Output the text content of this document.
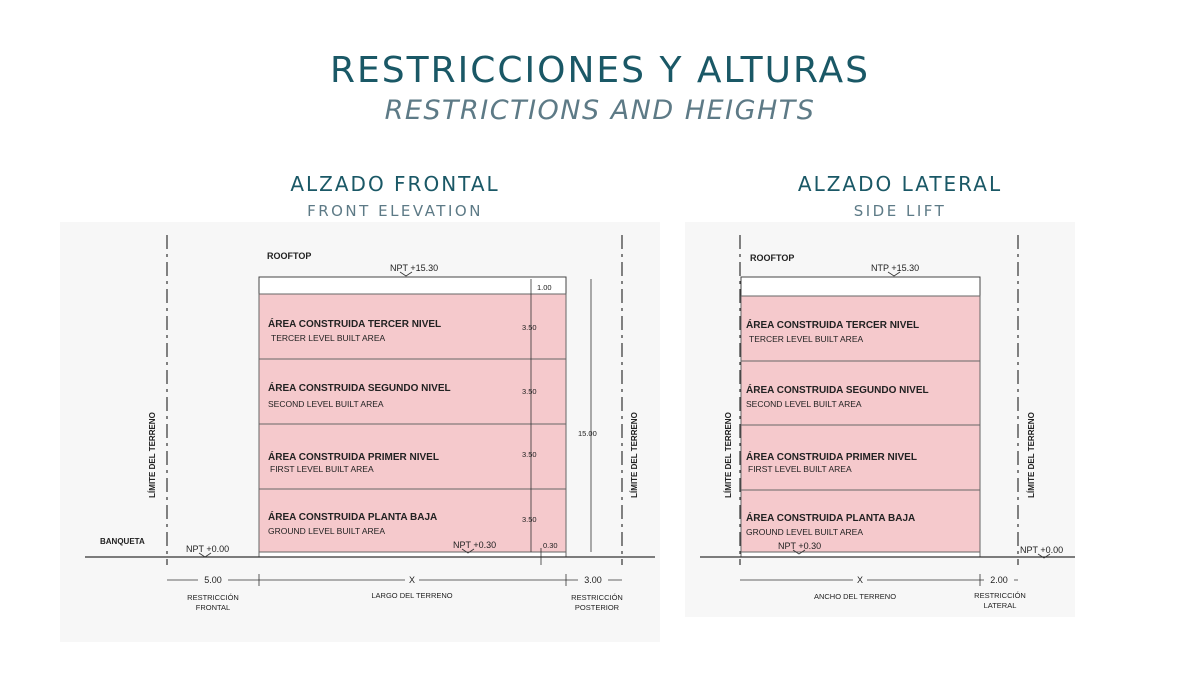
RESTRICCIONES Y ALTURAS
RESTRICTIONS AND HEIGHTS
ALZADO FRONTAL
FRONT ELEVATION
ALZADO LATERAL
SIDE LIFT
LÍMITE DEL TERRENO	LÍMITE DEL TERRENO
ROOFTOP
NPT +15.30
ÁREA CONSTRUIDA TERCER NIVEL
TERCER LEVEL BUILT AREA
ÁREA CONSTRUIDA SEGUNDO NIVEL
SECOND LEVEL BUILT AREA
ÁREA CONSTRUIDA PRIMER NIVEL
FIRST LEVEL BUILT AREA
ÁREA CONSTRUIDA PLANTA BAJA
GROUND LEVEL BUILT AREA
1.00
3.50
3.50
3.50
3.50
15.00
NPT +0.30	0.30
NPT +0.00
BANQUETA
5.00	X	3.00
RESTRICCIÓN
FRONTAL
LARGO DEL TERRENO	RESTRICCIÓN
POSTERIOR
LÍMITE DEL TERRENO	LÍMITE DEL TERRENO
ROOFTOP
NTP +15.30
ÁREA CONSTRUIDA TERCER NIVEL
TERCER LEVEL BUILT AREA
ÁREA CONSTRUIDA SEGUNDO NIVEL
SECOND LEVEL BUILT AREA
ÁREA CONSTRUIDA PRIMER NIVEL
FIRST LEVEL BUILT AREA
ÁREA CONSTRUIDA PLANTA BAJA
GROUND LEVEL BUILT AREA
NPT +0.30	NPT +0.00
X	2.00
ANCHO DEL TERRENO	RESTRICCIÓN
LATERAL
